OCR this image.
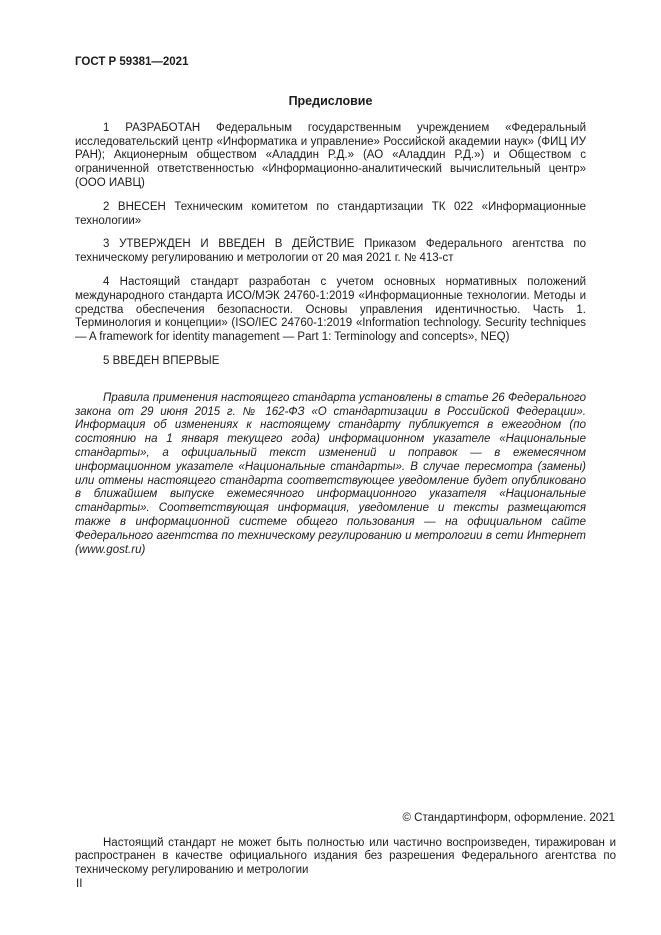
ГОСТ Р 59381—2021

Предисловие

1 РАЗРАБОТАН Федеральным государственным учреждением «Федеральный исследовательский центр «Информатика и управление» Российской академии наук» (ФИЦ ИУ РАН); Акционерным обществом «Аладдин Р.Д.» (АО «Аладдин Р.Д.») и Обществом с ограниченной ответственностью «Информационно-аналитический вычислительный центр» (ООО ИАВЦ)

2 ВНЕСЕН Техническим комитетом по стандартизации ТК 022 «Информационные технологии»

3 УТВЕРЖДЕН И ВВЕДЕН В ДЕЙСТВИЕ Приказом Федерального агентства по техническому регулированию и метрологии от 20 мая 2021 г. № 413-ст

4 Настоящий стандарт разработан с учетом основных нормативных положений международного стандарта ИСО/МЭК 24760-1:2019 «Информационные технологии. Методы и средства обеспечения безопасности. Основы управления идентичностью. Часть 1. Терминология и концепции» (ISO/IEC 24760-1:2019 «Information technology. Security techniques — A framework for identity management — Part 1: Terminology and concepts», NEQ)

5 ВВЕДЕН ВПЕРВЫЕ

Правила применения настоящего стандарта установлены в статье 26 Федерального закона от 29 июня 2015 г. № 162-ФЗ «О стандартизации в Российской Федерации». Информация об изменениях к настоящему стандарту публикуется в ежегодном (по состоянию на 1 января текущего года) информационном указателе «Национальные стандарты», а официальный текст изменений и поправок — в ежемесячном информационном указателе «Национальные стандарты». В случае пересмотра (замены) или отмены настоящего стандарта соответствующее уведомление будет опубликовано в ближайшем выпуске ежемесячного информационного указателя «Национальные стандарты». Соответствующая информация, уведомление и тексты размещаются также в информационной системе общего пользования — на официальном сайте Федерального агентства по техническому регулированию и метрологии в сети Интернет (www.gost.ru)

© Стандартинформ, оформление. 2021

Настоящий стандарт не может быть полностью или частично воспроизведен, тиражирован и распространен в качестве официального издания без разрешения Федерального агентства по техническому регулированию и метрологии

II
